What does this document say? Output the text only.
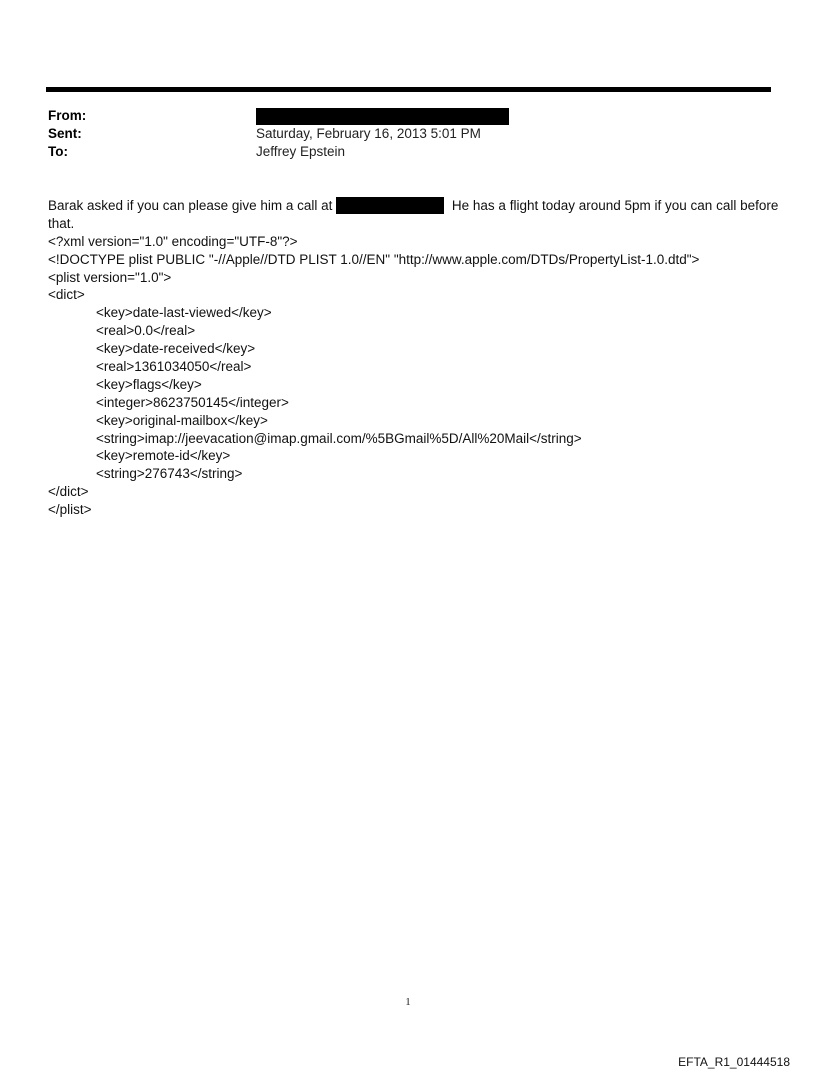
From:
Sent:	Saturday, February 16, 2013 5:01 PM
To:	Jeffrey Epstein
Barak asked if you can please give him a call at	He has a flight today around 5pm if you can call before
that.
<?xml version="1.0" encoding="UTF-8"?>
<!DOCTYPE plist PUBLIC "-//Apple//DTD PLIST 1.0//EN" "http://www.apple.com/DTDs/PropertyList-1.0.dtd">
<plist version="1.0">
<dict>
<key>date-last-viewed</key>
<real>0.0</real>
<key>date-received</key>
<real>1361034050</real>
<key>flags</key>
<integer>8623750145</integer>
<key>original-mailbox</key>
<string>imap://jeevacation@imap.gmail.com/%5BGmail%5D/All%20Mail</string>
<key>remote-id</key>
<string>276743</string>
</dict>
</plist>
1
EFTA_R1_01444518
